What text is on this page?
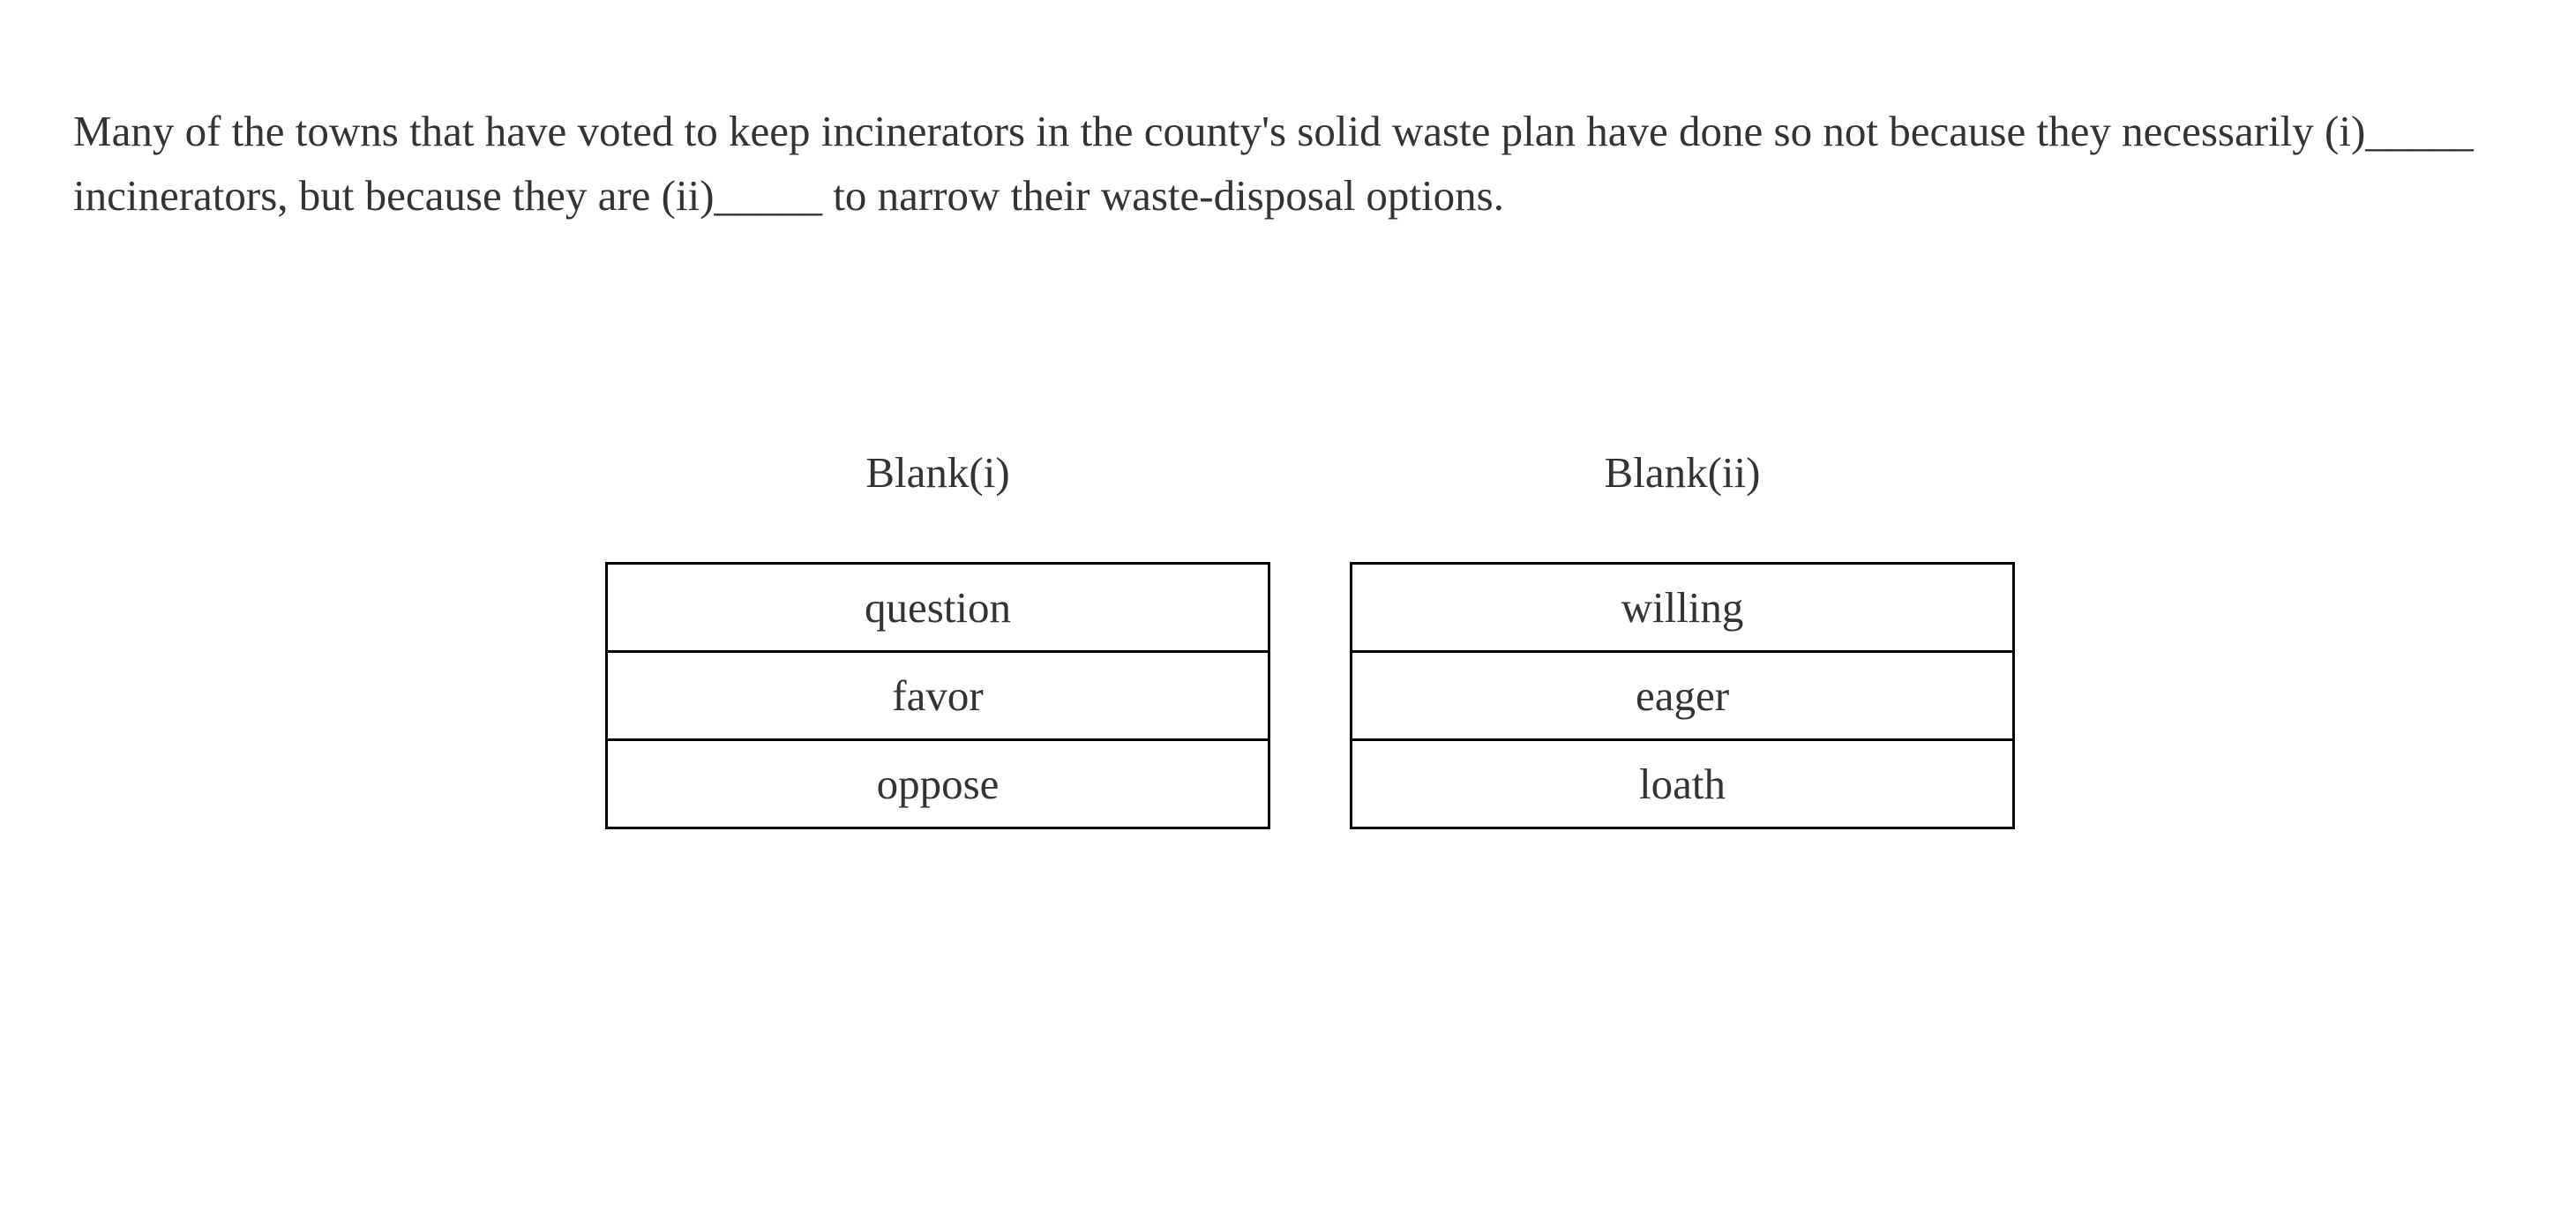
Many of the towns that have voted to keep incinerators in the county's solid waste plan have done so not because they necessarily (i)_____ incinerators, but because they are (ii)_____ to narrow their waste-disposal options.

Blank(i)
question
favor
oppose
Blank(ii)
willing
eager
loath
